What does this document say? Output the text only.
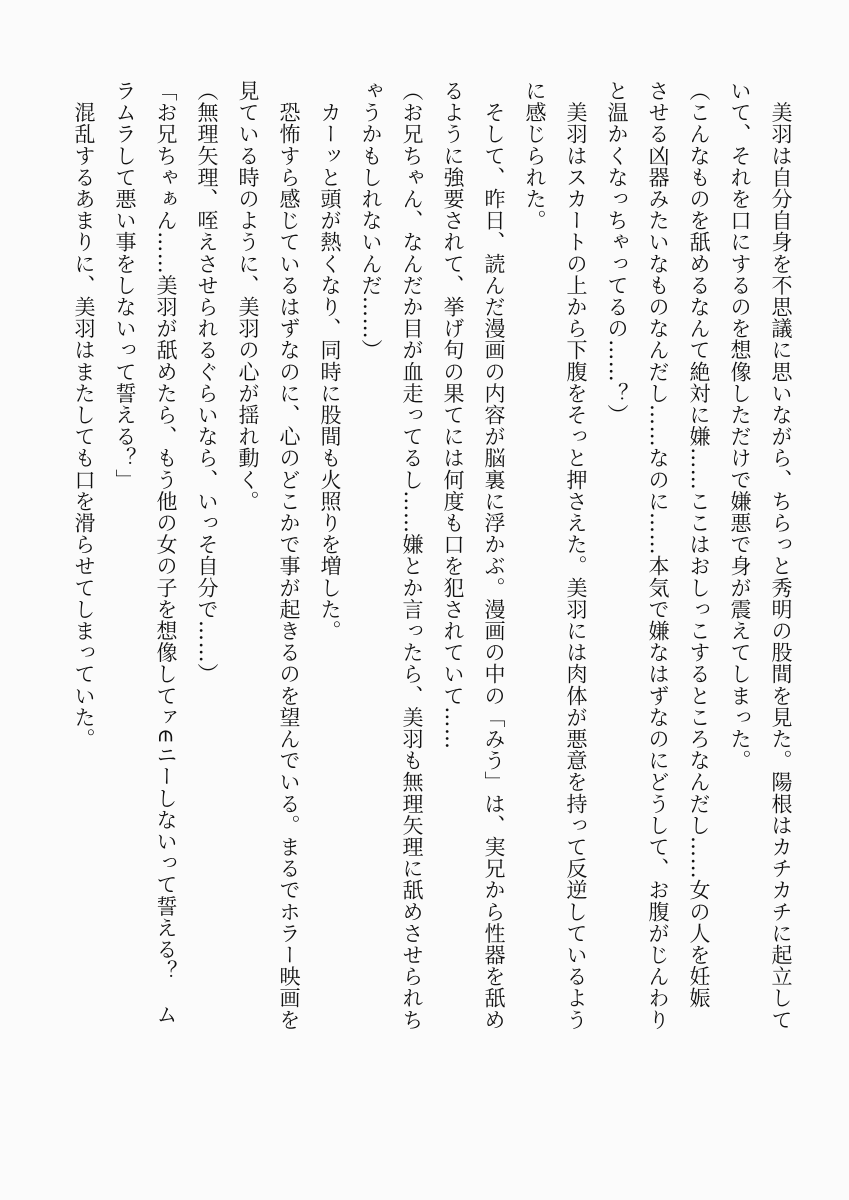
　美羽は自分自身を不思議に思いながら、ちらっと秀明の股間を見た。陽根はカチカチに起立して

いて、それを口にするのを想像しただけで嫌悪で身が震えてしまった。

（こんなものを舐めるなんて絶対に嫌……ここはおしっこするところなんだし……女の人を妊娠

させる凶器みたいなものなんだし……なのに……本気で嫌なはずなのにどうして、お腹がじんわり

と温かくなっちゃってるの……？）

　美羽はスカートの上から下腹をそっと押さえた。美羽には肉体が悪意を持って反逆しているよう

に感じられた。

　そして、昨日、読んだ漫画の内容が脳裏に浮かぶ。漫画の中の「みう」は、実兄から性器を舐め

るように強要されて、挙げ句の果てには何度も口を犯されていて……

（お兄ちゃん、なんだか目が血走ってるし……嫌とか言ったら、美羽も無理矢理に舐めさせられち

ゃうかもしれないんだ……）

　カーッと頭が熱くなり、同時に股間も火照りを増した。

　恐怖すら感じているはずなのに、心のどこかで事が起きるのを望んでいる。まるでホラー映画を

見ている時のように、美羽の心が揺れ動く。

（無理矢理、咥えさせられるぐらいなら、いっそ自分で……）

「お兄ちゃぁん……美羽が舐めたら、もう他の女の子を想像してァ∈ニーしないって誓える？　ム

ラムラして悪い事をしないって誓える？」

　混乱するあまりに、美羽はまたしても口を滑らせてしまっていた。
